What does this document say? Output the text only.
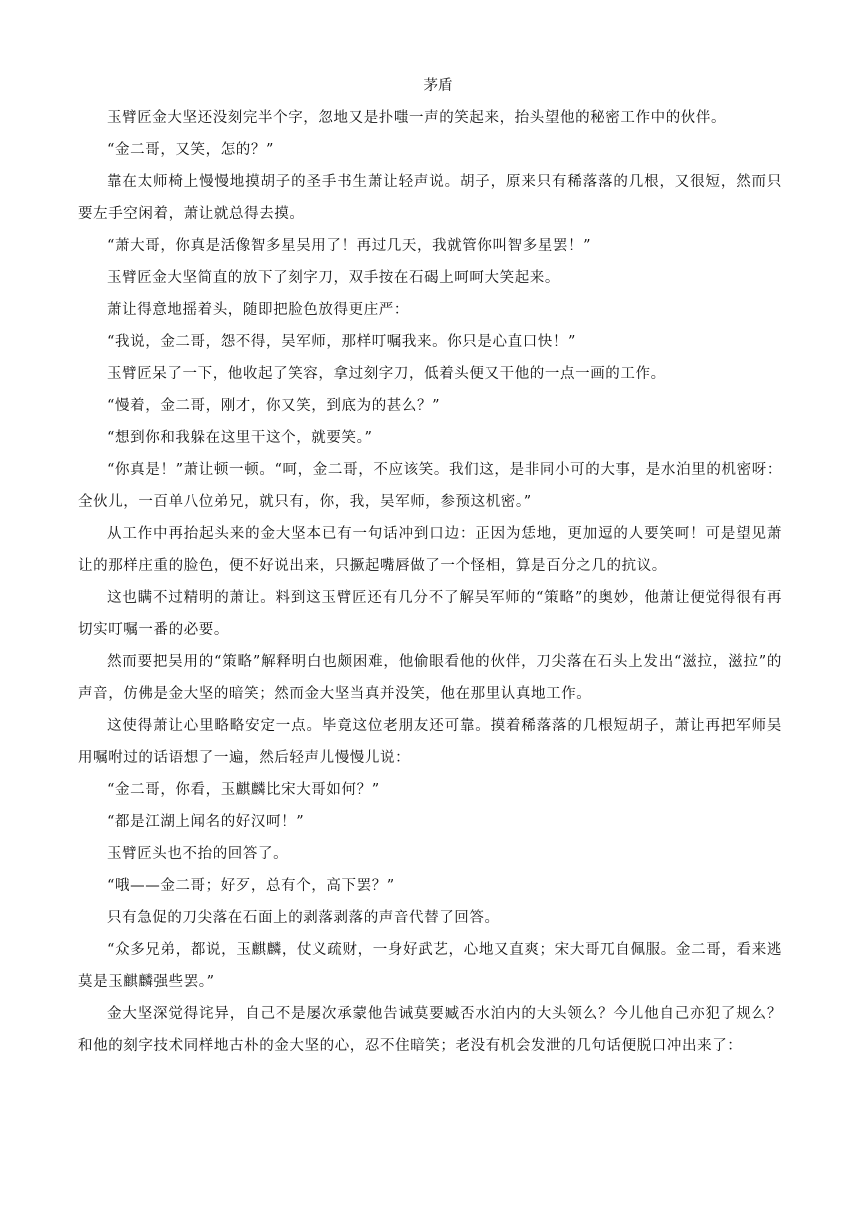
茅盾

玉臂匠金大坚还没刻完半个字，忽地又是扑嗤一声的笑起来，抬头望他的秘密工作中的伙伴。

“金二哥，又笑，怎的？”

靠在太师椅上慢慢地摸胡子的圣手书生萧让轻声说。胡子，原来只有稀落落的几根，又很短，然而只要左手空闲着，萧让就总得去摸。

“萧大哥，你真是活像智多星吴用了！再过几天，我就管你叫智多星罢！”

玉臂匠金大坚简直的放下了刻字刀，双手按在石碣上呵呵大笑起来。

萧让得意地摇着头，随即把脸色放得更庄严：

“我说，金二哥，怨不得，吴军师，那样叮嘱我来。你只是心直口快！”

玉臂匠呆了一下，他收起了笑容，拿过刻字刀，低着头便又干他的一点一画的工作。

“慢着，金二哥，刚才，你又笑，到底为的甚么？”

“想到你和我躲在这里干这个，就要笑。”

“你真是！”萧让顿一顿。“呵，金二哥，不应该笑。我们这，是非同小可的大事，是水泊里的机密呀：全伙儿，一百单八位弟兄，就只有，你，我，吴军师，参预这机密。”

从工作中再抬起头来的金大坚本已有一句话冲到口边：正因为恁地，更加逗的人要笑呵！可是望见萧让的那样庄重的脸色，便不好说出来，只撅起嘴唇做了一个怪相，算是百分之几的抗议。

这也瞒不过精明的萧让。料到这玉臂匠还有几分不了解吴军师的“策略”的奥妙，他萧让便觉得很有再切实叮嘱一番的必要。

然而要把吴用的“策略”解释明白也颇困难，他偷眼看他的伙伴，刀尖落在石头上发出“滋拉，滋拉”的声音，仿佛是金大坚的暗笑；然而金大坚当真并没笑，他在那里认真地工作。

这使得萧让心里略略安定一点。毕竟这位老朋友还可靠。摸着稀落落的几根短胡子，萧让再把军师吴用嘱咐过的话语想了一遍，然后轻声儿慢慢儿说：

“金二哥，你看，玉麒麟比宋大哥如何？”

“都是江湖上闻名的好汉呵！”

玉臂匠头也不抬的回答了。

“哦——金二哥；好歹，总有个，高下罢？”

只有急促的刀尖落在石面上的剥落剥落的声音代替了回答。

“众多兄弟，都说，玉麒麟，仗义疏财，一身好武艺，心地又直爽；宋大哥兀自佩服。金二哥，看来逃莫是玉麒麟强些罢。”

金大坚深觉得诧异，自己不是屡次承蒙他告诫莫要臧否水泊内的大头领么？今儿他自己亦犯了规么？和他的刻字技术同样地古朴的金大坚的心，忍不住暗笑；老没有机会发泄的几句话便脱口冲出来了：
